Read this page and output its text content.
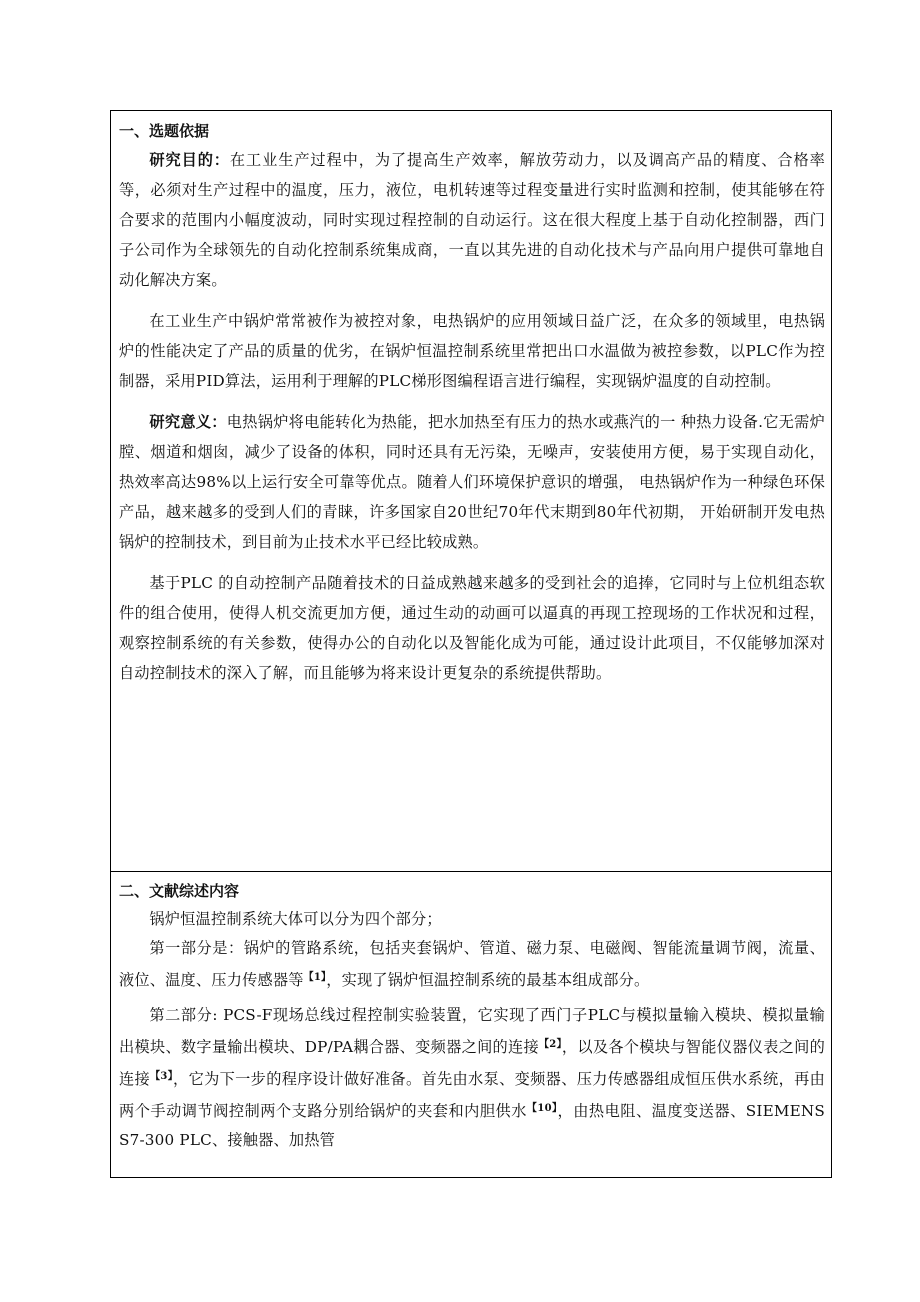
一、选题依据

研究目的：在工业生产过程中，为了提高生产效率，解放劳动力，以及调高产品的精度、合格率等，必须对生产过程中的温度，压力，液位，电机转速等过程变量进行实时监测和控制，使其能够在符合要求的范围内小幅度波动，同时实现过程控制的自动运行。这在很大程度上基于自动化控制器，西门子公司作为全球领先的自动化控制系统集成商，一直以其先进的自动化技术与产品向用户提供可靠地自动化解决方案。

在工业生产中锅炉常常被作为被控对象，电热锅炉的应用领域日益广泛，在众多的领域里，电热锅炉的性能决定了产品的质量的优劣，在锅炉恒温控制系统里常把出口水温做为被控参数，以PLC作为控制器，采用PID算法，运用利于理解的PLC梯形图编程语言进行编程，实现锅炉温度的自动控制。

研究意义：电热锅炉将电能转化为热能，把水加热至有压力的热水或燕汽的一 种热力设备.它无需炉膛、烟道和烟囱，减少了设备的体积，同时还具有无污染，无噪声，安装使用方便，易于实现自动化，热效率高达98%以上运行安全可靠等优点。随着人们环境保护意识的增强， 电热锅炉作为一种绿色环保产品，越来越多的受到人们的青睐，许多国家自20世纪70年代末期到80年代初期， 开始研制开发电热锅炉的控制技术，到目前为止技术水平已经比较成熟。

基于PLC 的自动控制产品随着技术的日益成熟越来越多的受到社会的追捧，它同时与上位机组态软件的组合使用，使得人机交流更加方便，通过生动的动画可以逼真的再现工控现场的工作状况和过程，观察控制系统的有关参数，使得办公的自动化以及智能化成为可能，通过设计此项目，不仅能够加深对自动控制技术的深入了解，而且能够为将来设计更复杂的系统提供帮助。

二、文献综述内容

锅炉恒温控制系统大体可以分为四个部分；

第一部分是：锅炉的管路系统，包括夹套锅炉、管道、磁力泵、电磁阀、智能流量调节阀，流量、液位、温度、压力传感器等$^{【1】}$，实现了锅炉恒温控制系统的最基本组成部分。

第二部分: PCS-F现场总线过程控制实验装置，它实现了西门子PLC与模拟量输入模块、模拟量输出模块、数字量输出模块、DP/PA耦合器、变频器之间的连接$^{【2】}$，以及各个模块与智能仪器仪表之间的连接$^{【3】}$，它为下一步的程序设计做好准备。首先由水泵、变频器、压力传感器组成恒压供水系统，再由两个手动调节阀控制两个支路分别给锅炉的夹套和内胆供水$^{【10】}$，由热电阻、温度变送器、SIEMENS S7-300 PLC、接触器、加热管
